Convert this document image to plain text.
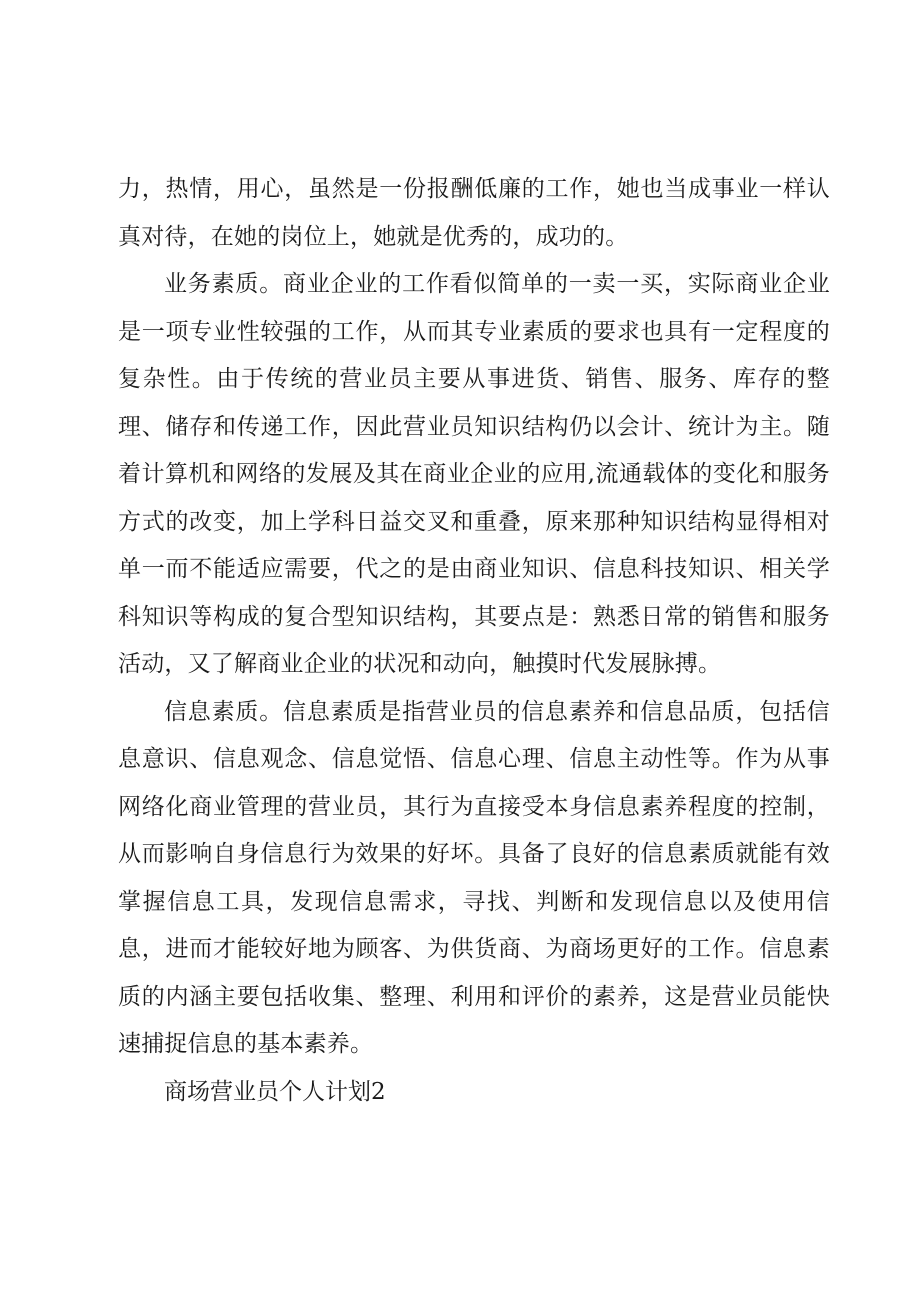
力，热情，用心，虽然是一份报酬低廉的工作，她也当成事业一样认真对待，在她的岗位上，她就是优秀的，成功的。

业务素质。商业企业的工作看似简单的一卖一买，实际商业企业是一项专业性较强的工作，从而其专业素质的要求也具有一定程度的复杂性。由于传统的营业员主要从事进货、销售、服务、库存的整理、储存和传递工作，因此营业员知识结构仍以会计、统计为主。随着计算机和网络的发展及其在商业企业的应用,流通载体的变化和服务方式的改变，加上学科日益交叉和重叠，原来那种知识结构显得相对单一而不能适应需要，代之的是由商业知识、信息科技知识、相关学科知识等构成的复合型知识结构，其要点是：熟悉日常的销售和服务活动，又了解商业企业的状况和动向，触摸时代发展脉搏。

信息素质。信息素质是指营业员的信息素养和信息品质，包括信息意识、信息观念、信息觉悟、信息心理、信息主动性等。作为从事网络化商业管理的营业员，其行为直接受本身信息素养程度的控制，从而影响自身信息行为效果的好坏。具备了良好的信息素质就能有效掌握信息工具，发现信息需求，寻找、判断和发现信息以及使用信息，进而才能较好地为顾客、为供货商、为商场更好的工作。信息素质的内涵主要包括收集、整理、利用和评价的素养，这是营业员能快速捕捉信息的基本素养。

商场营业员个人计划2
